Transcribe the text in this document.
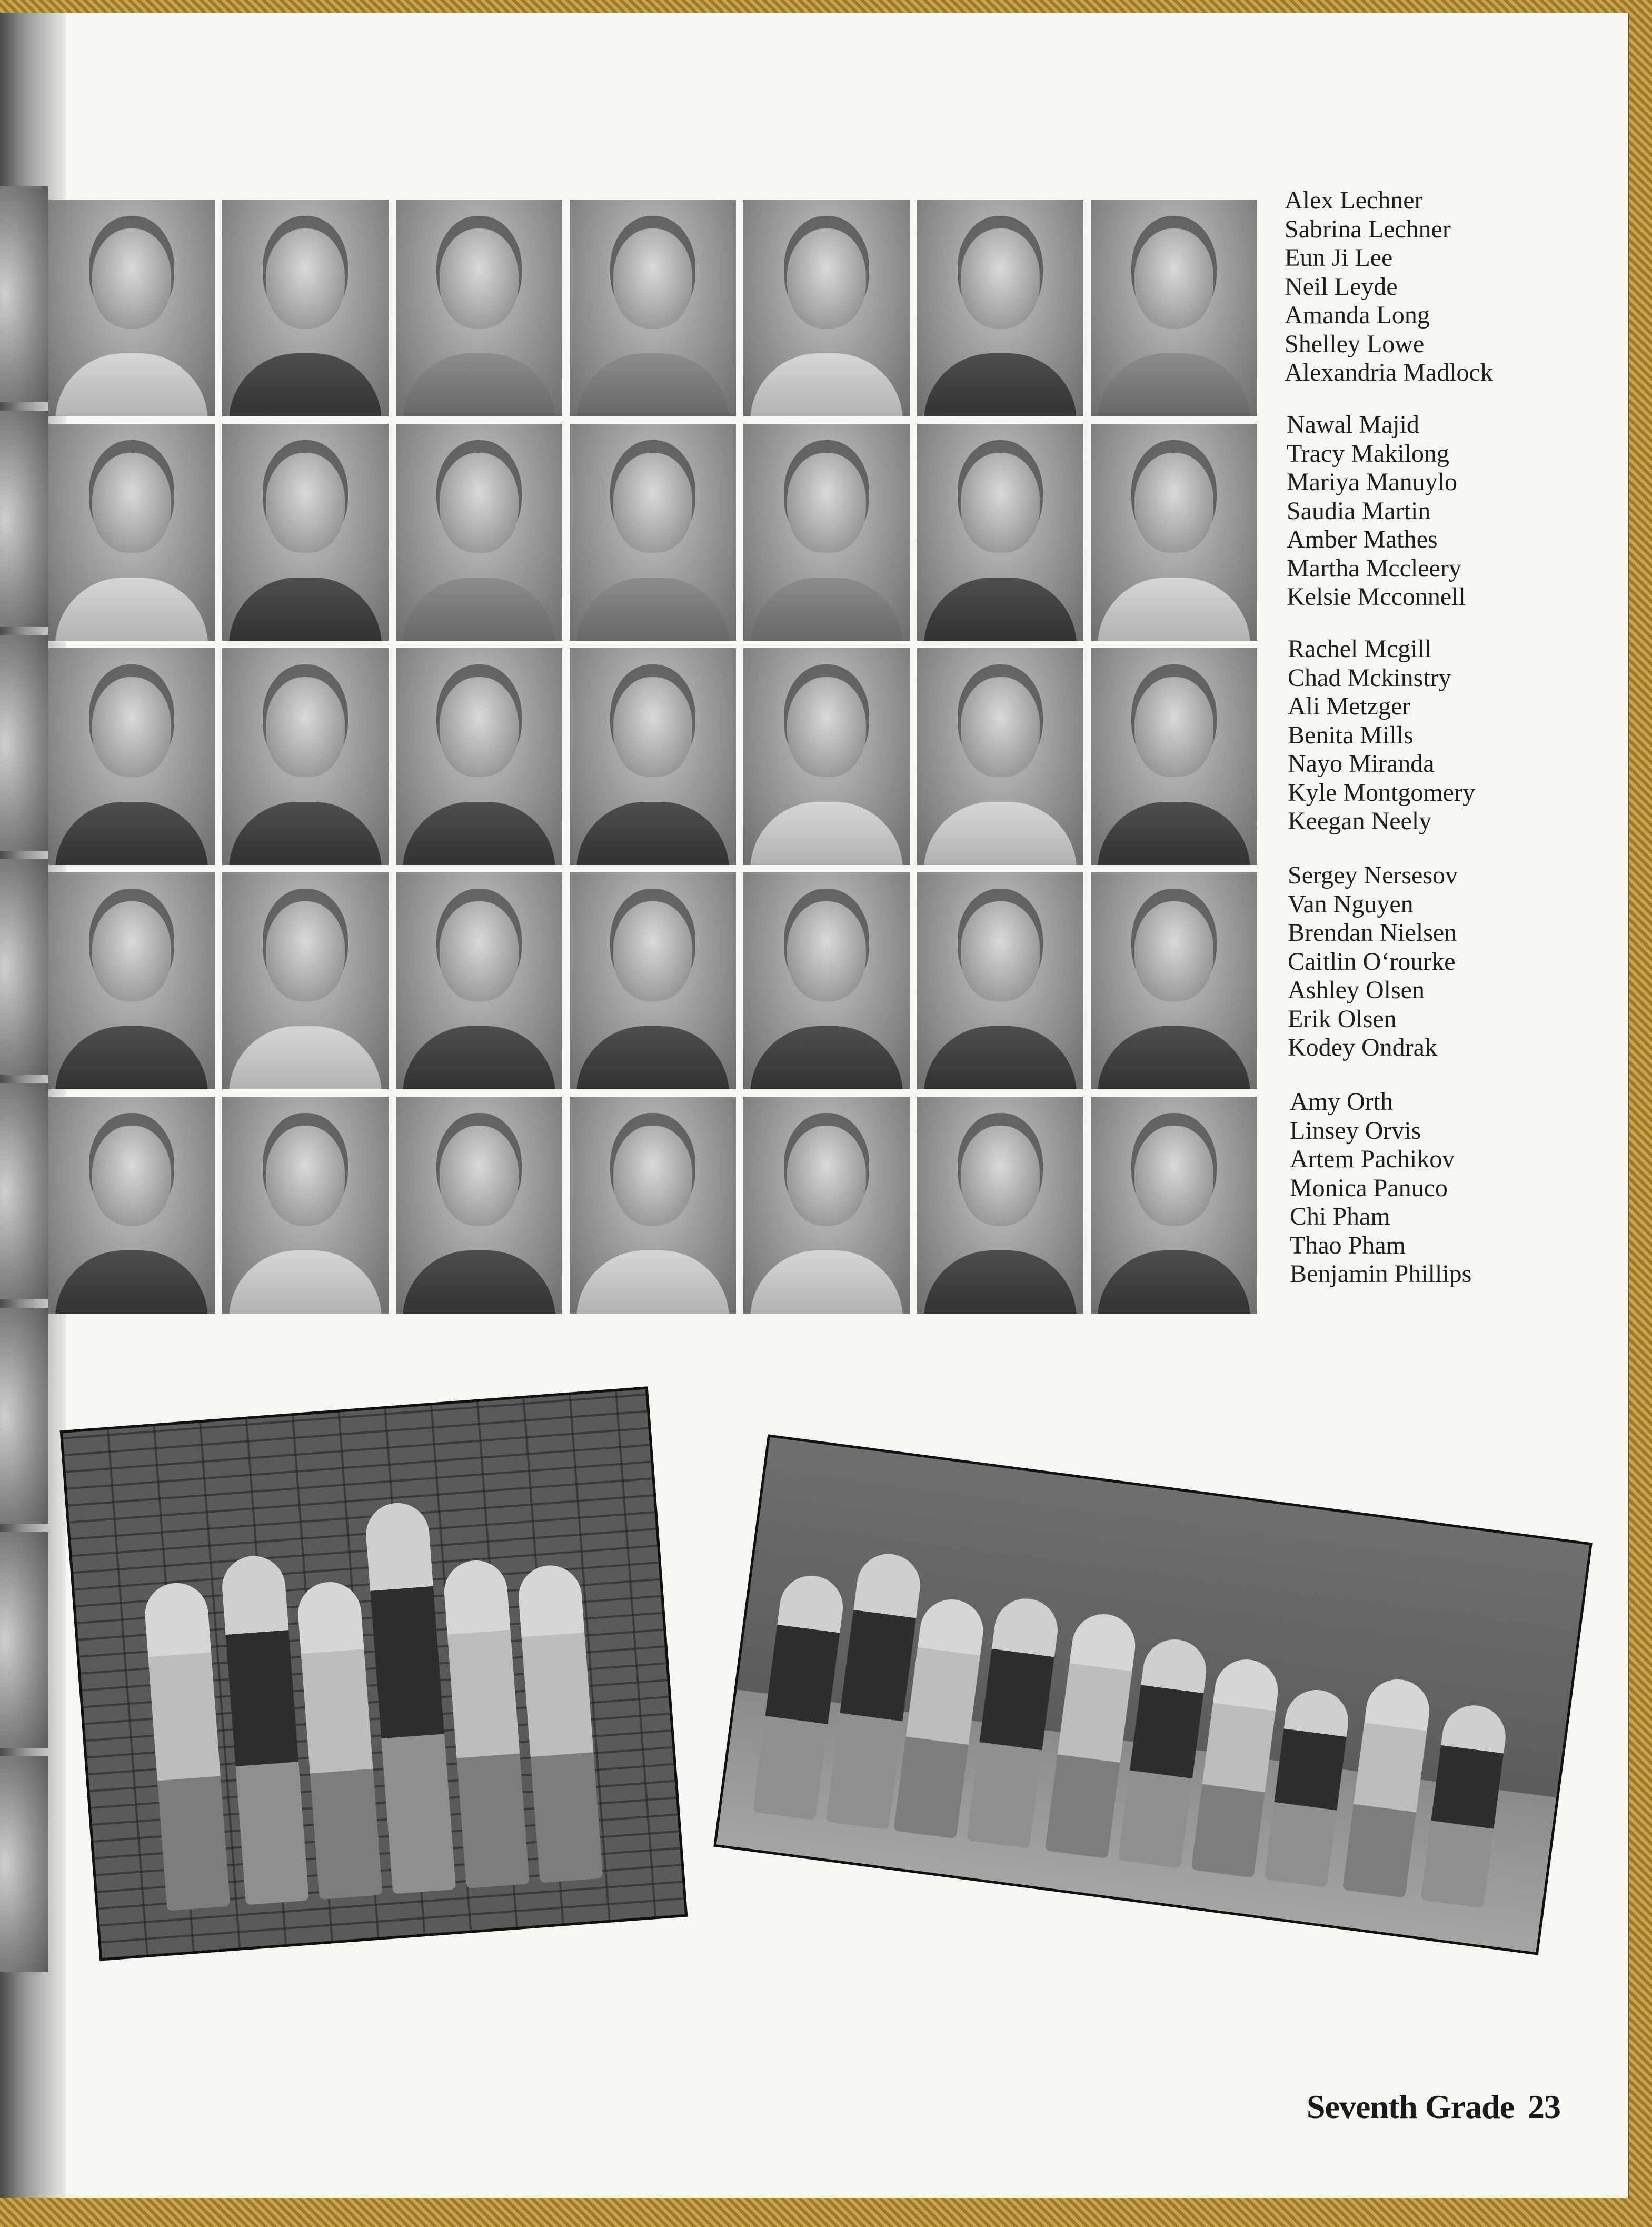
Alex Lechner
Sabrina Lechner
Eun Ji Lee
Neil Leyde
Amanda Long
Shelley Lowe
Alexandria Madlock
Nawal Majid
Tracy Makilong
Mariya Manuylo
Saudia Martin
Amber Mathes
Martha Mccleery
Kelsie Mcconnell
Rachel Mcgill
Chad Mckinstry
Ali Metzger
Benita Mills
Nayo Miranda
Kyle Montgomery
Keegan Neely
Sergey Nersesov
Van Nguyen
Brendan Nielsen
Caitlin O‘rourke
Ashley Olsen
Erik Olsen
Kodey Ondrak
Amy Orth
Linsey Orvis
Artem Pachikov
Monica Panuco
Chi Pham
Thao Pham
Benjamin Phillips
Seventh Grade 23
